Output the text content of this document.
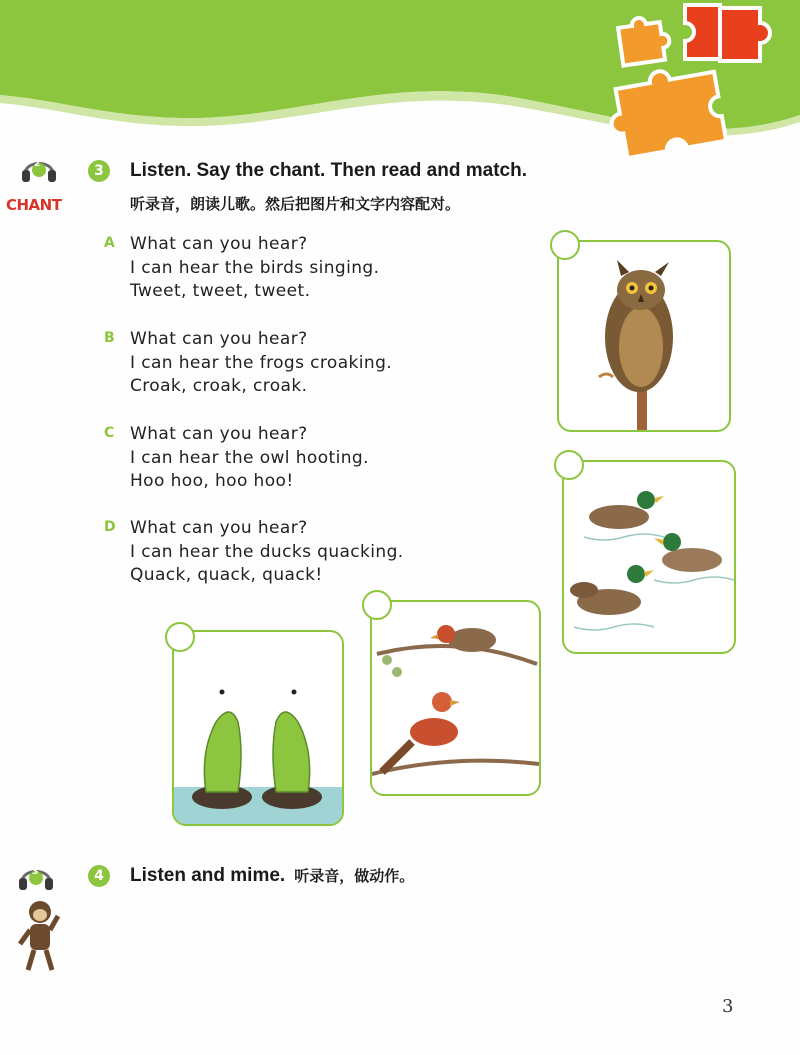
2
CHANT
3	Listen. Say the chant. Then read and match.
听录音，朗读儿歌。然后把图片和文字内容配对。
A What can you hear?
I can hear the birds singing.
Tweet, tweet, tweet.
B What can you hear?
I can hear the frogs croaking.
Croak, croak, croak.
C What can you hear?
I can hear the owl hooting.
Hoo hoo, hoo hoo!
D What can you hear?
I can hear the ducks quacking.
Quack, quack, quack!
3	4	Listen and mime. 听录音，做动作。
3
